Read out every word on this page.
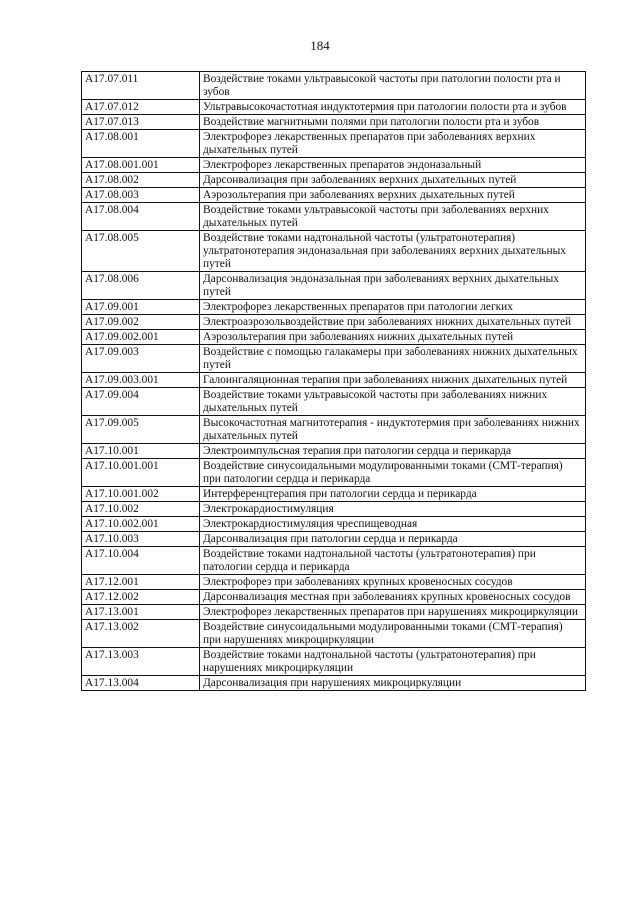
184
A17.07.011	Воздействие токами ультравысокой частоты при патологии полости рта и зубов
A17.07.012	Ультравысокочастотная индуктотермия при патологии полости рта и зубов
A17.07.013	Воздействие магнитными полями при патологии полости рта и зубов
A17.08.001	Электрофорез лекарственных препаратов при заболеваниях верхних дыхательных путей
A17.08.001.001	Электрофорез лекарственных препаратов эндоназальный
A17.08.002	Дарсонвализация при заболеваниях верхних дыхательных путей
A17.08.003	Аэрозольтерапия при заболеваниях верхних дыхательных путей
A17.08.004	Воздействие токами ультравысокой частоты при заболеваниях верхних дыхательных путей
A17.08.005	Воздействие токами надтональной частоты (ультратонотерапия) ультратонотерапия эндоназальная при заболеваниях верхних дыхательных путей
A17.08.006	Дарсонвализация эндоназальная при заболеваниях верхних дыхательных путей
A17.09.001	Электрофорез лекарственных препаратов при патологии легких
A17.09.002	Электроаэрозольвоздействие при заболеваниях нижних дыхательных путей
A17.09.002.001	Аэрозольтерапия при заболеваниях нижних дыхательных путей
A17.09.003	Воздействие с помощью галакамеры при заболеваниях нижних дыхательных путей
A17.09.003.001	Галоингаляционная терапия при заболеваниях нижних дыхательных путей
A17.09.004	Воздействие токами ультравысокой частоты при заболеваниях нижних дыхательных путей
A17.09.005	Высокочастотная магнитотерапия - индуктотермия при заболеваниях нижних дыхательных путей
A17.10.001	Электроимпульсная терапия при патологии сердца и перикарда
A17.10.001.001	Воздействие синусоидальными модулированными токами (СМТ-терапия) при патологии сердца и перикарда
A17.10.001.002	Интерференцтерапия при патологии сердца и перикарда
A17.10.002	Электрокардиостимуляция
A17.10.002.001	Электрокардиостимуляция чреспищеводная
A17.10.003	Дарсонвализация при патологии сердца и перикарда
A17.10.004	Воздействие токами надтональной частоты (ультратонотерапия) при патологии сердца и перикарда
A17.12.001	Электрофорез при заболеваниях крупных кровеносных сосудов
A17.12.002	Дарсонвализация местная при заболеваниях крупных кровеносных сосудов
A17.13.001	Электрофорез лекарственных препаратов при нарушениях микроциркуляции
A17.13.002	Воздействие синусоидальными модулированными токами (СМТ-терапия) при нарушениях микроциркуляции
A17.13.003	Воздействие токами надтональной частоты (ультратонотерапия) при нарушениях микроциркуляции
A17.13.004	Дарсонвализация при нарушениях микроциркуляции
